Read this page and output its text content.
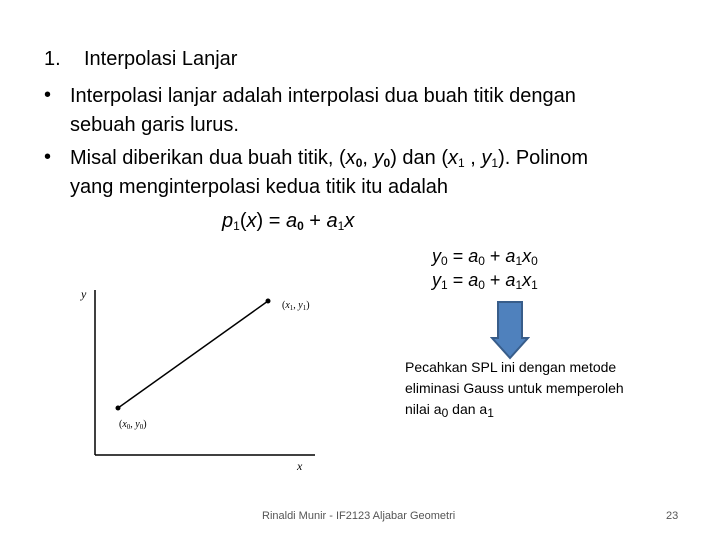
1. Interpolasi Lanjar
• Interpolasi lanjar adalah interpolasi dua buah titik dengan
sebuah garis lurus.
• Misal diberikan dua buah titik, ($x_0$, $y_0$) dan ($x_1$ , $y_1$). Polinom
yang menginterpolasi kedua titik itu adalah
$p_1(x) = a_0 + a_1x$
$y_0 = a_0 + a_1x_0$
$y_1 = a_0 + a_1x_1$
Pecahkan SPL ini dengan metode
eliminasi Gauss untuk memperoleh
nilai $a_0$ dan $a_1$
y
x
($x_1$, $y_1$)
($x_0$, $y_0$)
Rinaldi Munir - IF2123 Aljabar Geometri	23
